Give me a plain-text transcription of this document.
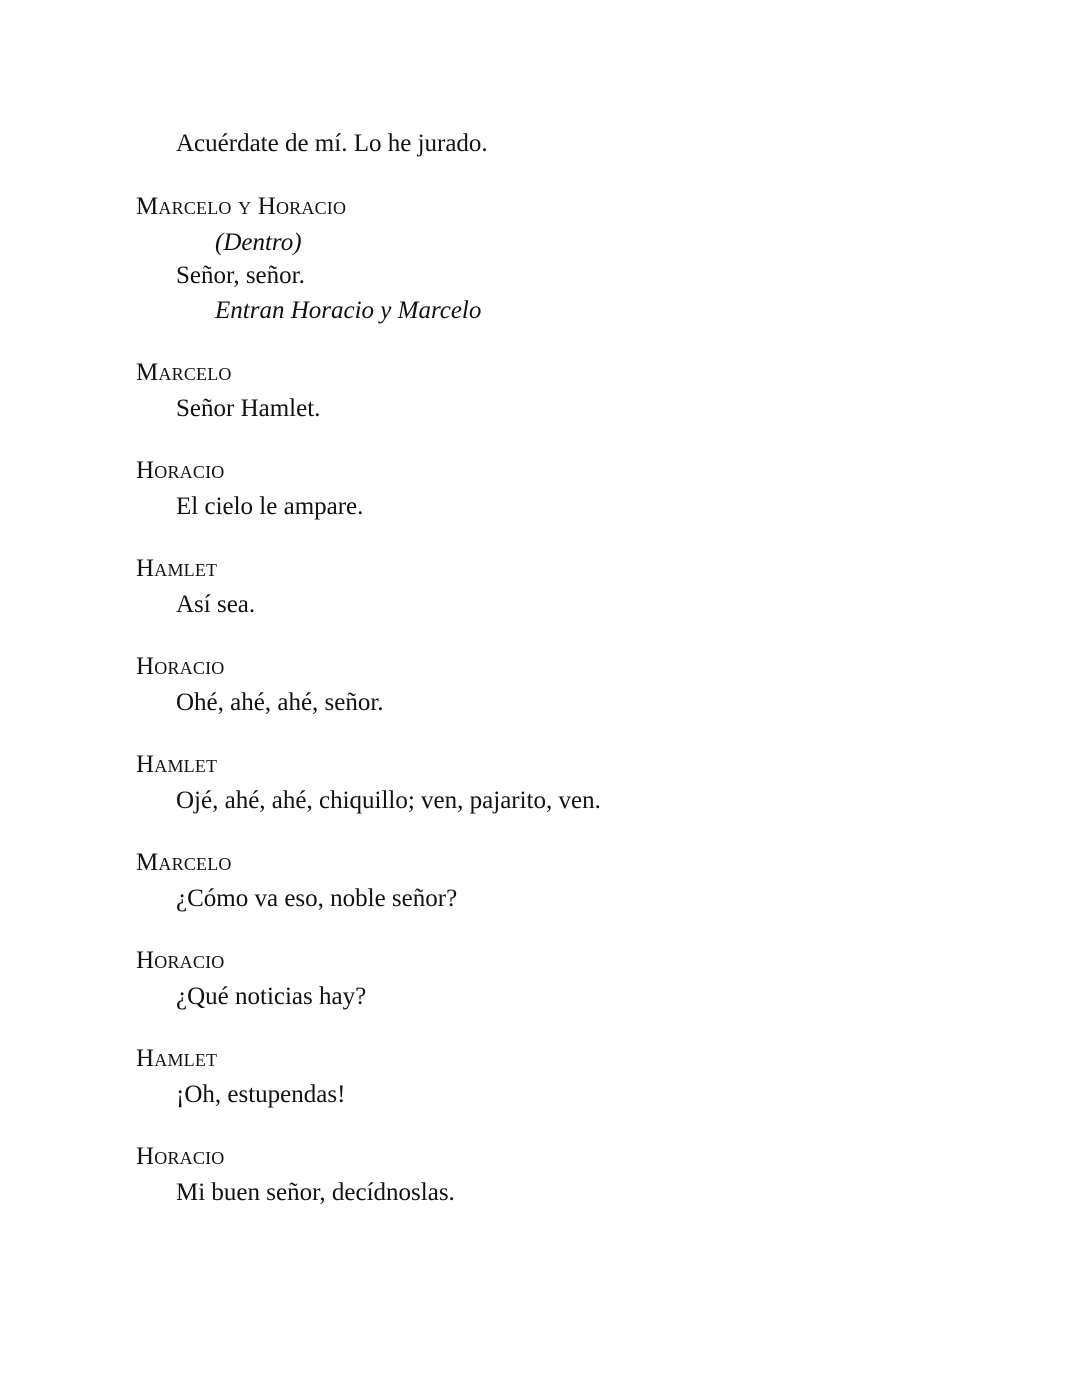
Acuérdate de mí. Lo he jurado.
Marcelo y Horacio
(Dentro)
Señor, señor.
Entran Horacio y Marcelo
Marcelo
Señor Hamlet.
Horacio
El cielo le ampare.
Hamlet
Así sea.
Horacio
Ohé, ahé, ahé, señor.
Hamlet
Ojé, ahé, ahé, chiquillo; ven, pajarito, ven.
Marcelo
¿Cómo va eso, noble señor?
Horacio
¿Qué noticias hay?
Hamlet
¡Oh, estupendas!
Horacio
Mi buen señor, decídnoslas.
